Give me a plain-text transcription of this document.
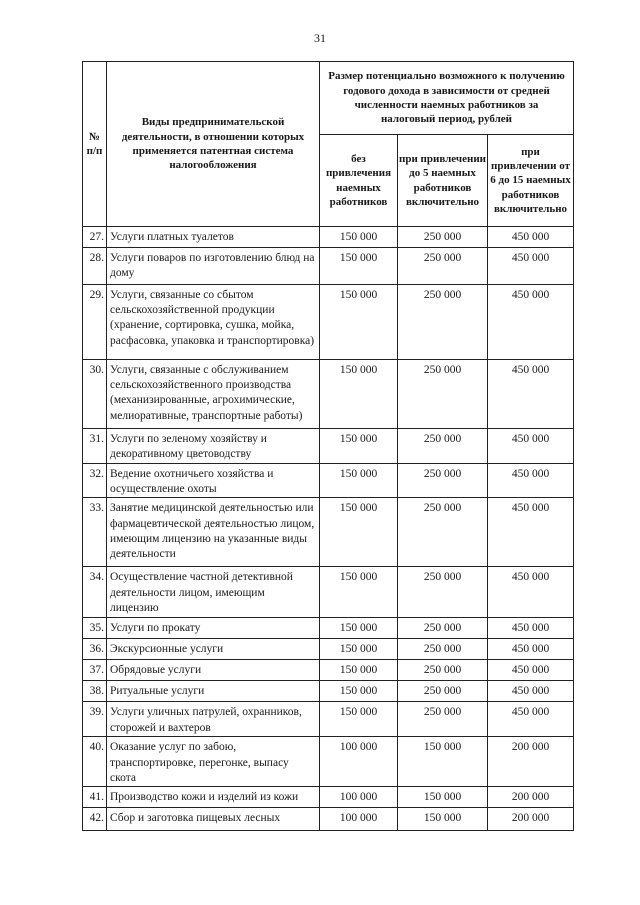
31
№ п/п	Виды предпринимательской деятельности, в отношении которых применяется патентная система налогообложения	Размер потенциально возможного к получению годового дохода в зависимости от средней численности наемных работников за налоговый период, рублей		
		без привлечения наемных работников	при привлечении до 5 наемных работников включительно	при привлечении от 6 до 15 наемных работников включительно
27.	Услуги платных туалетов	150 000	250 000	450 000
28.	Услуги поваров по изготовлению блюд на дому	150 000	250 000	450 000
29.	Услуги, связанные со сбытом сельскохозяйственной продукции (хранение, сортировка, сушка, мойка, расфасовка, упаковка и транспортировка)	150 000	250 000	450 000
30.	Услуги, связанные с обслуживанием сельскохозяйственного производства (механизированные, агрохимические, мелиоративные, транспортные работы)	150 000	250 000	450 000
31.	Услуги по зеленому хозяйству и декоративному цветоводству	150 000	250 000	450 000
32.	Ведение охотничьего хозяйства и осуществление охоты	150 000	250 000	450 000
33.	Занятие медицинской деятельностью или фармацевтической деятельностью лицом, имеющим лицензию на указанные виды деятельности	150 000	250 000	450 000
34.	Осуществление частной детективной деятельности лицом, имеющим лицензию	150 000	250 000	450 000
35.	Услуги по прокату	150 000	250 000	450 000
36.	Экскурсионные услуги	150 000	250 000	450 000
37.	Обрядовые услуги	150 000	250 000	450 000
38.	Ритуальные услуги	150 000	250 000	450 000
39.	Услуги уличных патрулей, охранников, сторожей и вахтеров	150 000	250 000	450 000
40.	Оказание услуг по забою, транспортировке, перегонке, выпасу скота	100 000	150 000	200 000
41.	Производство кожи и изделий из кожи	100 000	150 000	200 000
42.	Сбор и заготовка пищевых лесных	100 000	150 000	200 000
